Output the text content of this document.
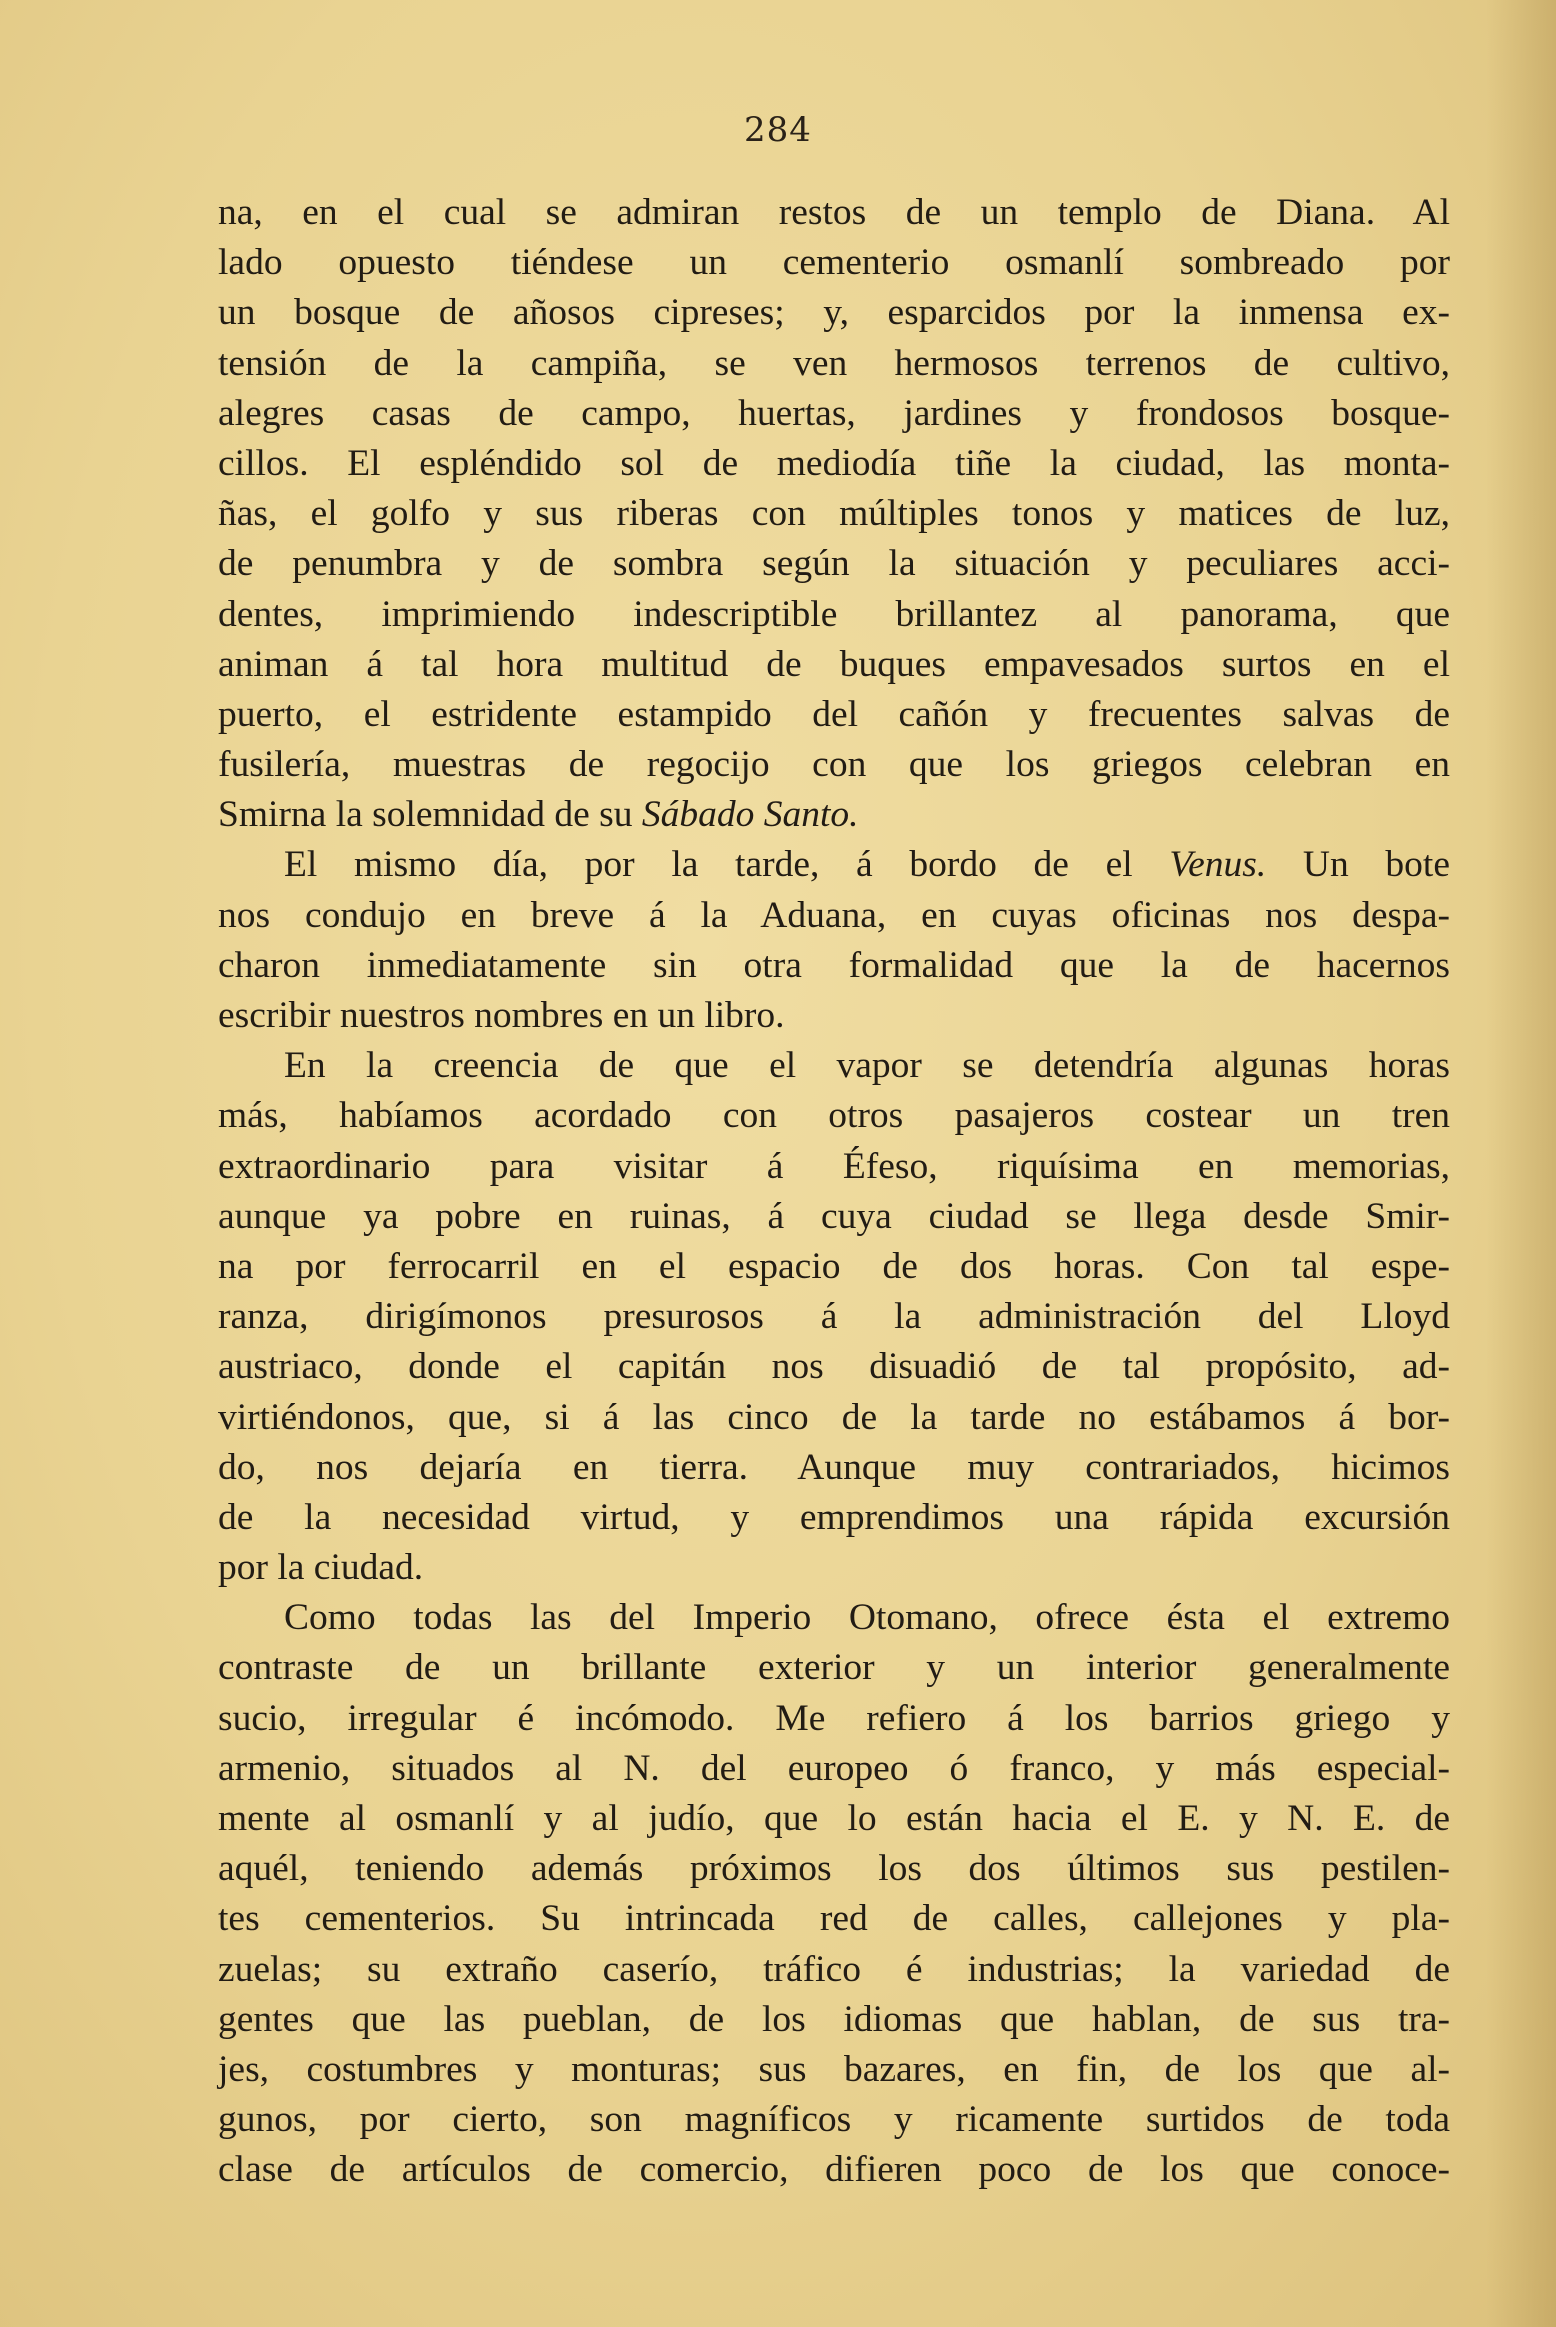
284
na, en el cual se admiran restos de un templo de Diana. Al
lado opuesto tiéndese un cementerio osmanlí sombreado por
un bosque de añosos cipreses; y, esparcidos por la inmensa ex-
tensión de la campiña, se ven hermosos terrenos de cultivo,
alegres casas de campo, huertas, jardines y frondosos bosque-
cillos. El espléndido sol de mediodía tiñe la ciudad, las monta-
ñas, el golfo y sus riberas con múltiples tonos y matices de luz,
de penumbra y de sombra según la situación y peculiares acci-
dentes, imprimiendo indescriptible brillantez al panorama, que
animan á tal hora multitud de buques empavesados surtos en el
puerto, el estridente estampido del cañón y frecuentes salvas de
fusilería, muestras de regocijo con que los griegos celebran en
Smirna la solemnidad de su Sábado Santo.
El mismo día, por la tarde, á bordo de el Venus. Un bote
nos condujo en breve á la Aduana, en cuyas oficinas nos despa-
charon inmediatamente sin otra formalidad que la de hacernos
escribir nuestros nombres en un libro.
En la creencia de que el vapor se detendría algunas horas
más, habíamos acordado con otros pasajeros costear un tren
extraordinario para visitar á Éfeso, riquísima en memorias,
aunque ya pobre en ruinas, á cuya ciudad se llega desde Smir-
na por ferrocarril en el espacio de dos horas. Con tal espe-
ranza, dirigímonos presurosos á la administración del Lloyd
austriaco, donde el capitán nos disuadió de tal propósito, ad-
virtiéndonos, que, si á las cinco de la tarde no estábamos á bor-
do, nos dejaría en tierra. Aunque muy contrariados, hicimos
de la necesidad virtud, y emprendimos una rápida excursión
por la ciudad.
Como todas las del Imperio Otomano, ofrece ésta el extremo
contraste de un brillante exterior y un interior generalmente
sucio, irregular é incómodo. Me refiero á los barrios griego y
armenio, situados al N. del europeo ó franco, y más especial-
mente al osmanlí y al judío, que lo están hacia el E. y N. E. de
aquél, teniendo además próximos los dos últimos sus pestilen-
tes cementerios. Su intrincada red de calles, callejones y pla-
zuelas; su extraño caserío, tráfico é industrias; la variedad de
gentes que las pueblan, de los idiomas que hablan, de sus tra-
jes, costumbres y monturas; sus bazares, en fin, de los que al-
gunos, por cierto, son magníficos y ricamente surtidos de toda
clase de artículos de comercio, difieren poco de los que conoce-
